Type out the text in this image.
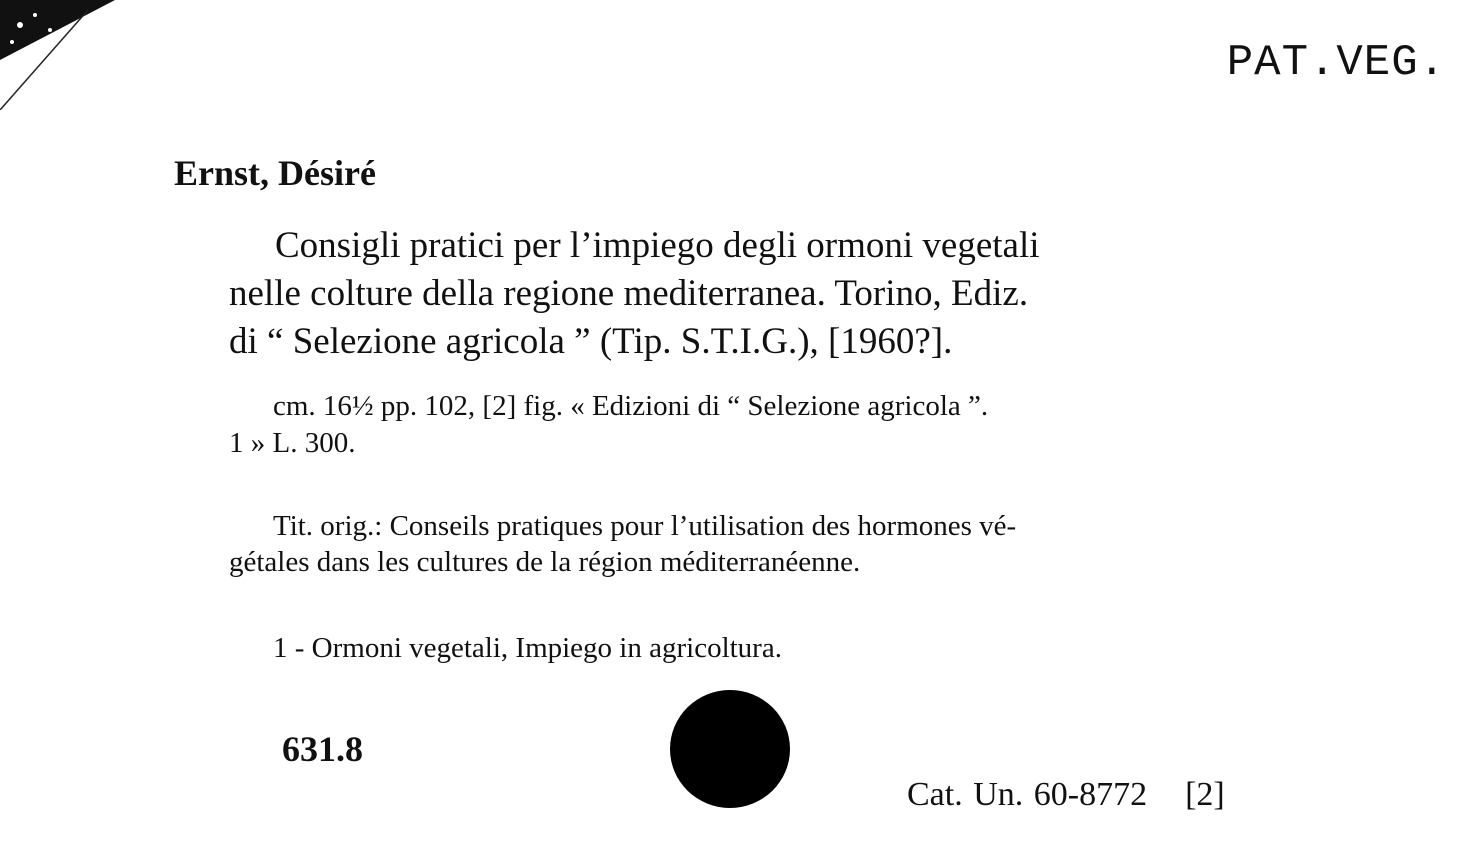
PAT.VEG.
Ernst, Désiré
Consigli pratici per l’impiego degli ormoni vegetali
nelle colture della regione mediterranea. Torino, Ediz.
di “ Selezione agricola ” (Tip. S.T.I.G.), [1960?].
cm. 16½ pp. 102, [2] fig. « Edizioni di “ Selezione agricola ”.
1 » L. 300.
Tit. orig.: Conseils pratiques pour l’utilisation des hormones vé-
gétales dans les cultures de la région méditerranéenne.
1 - Ormoni vegetali, Impiego in agricoltura.
631.8
Cat. Un. 60-8772 [2]
